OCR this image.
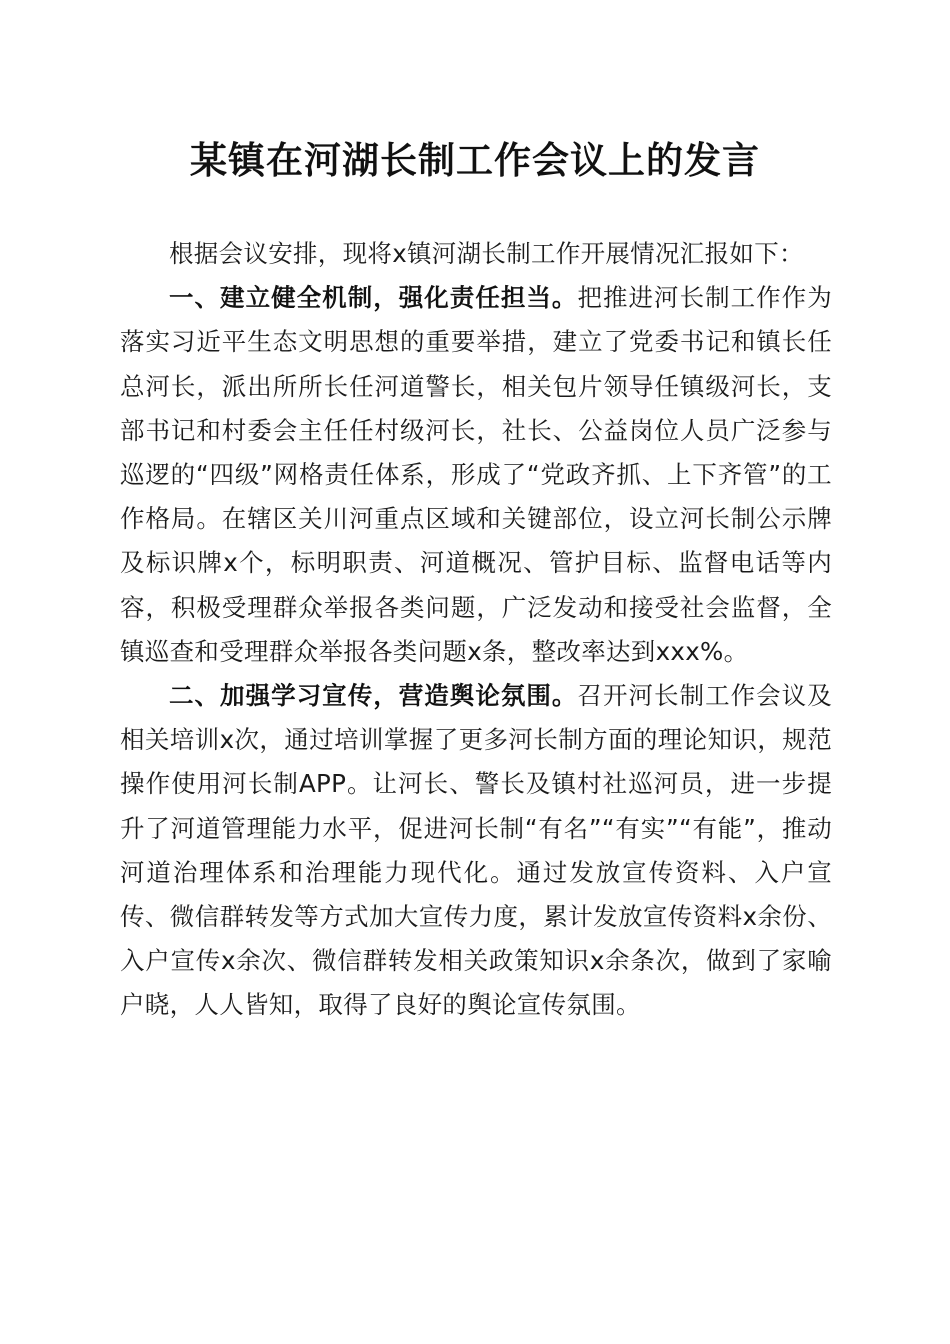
某镇在河湖长制工作会议上的发言

根据会议安排，现将x镇河湖长制工作开展情况汇报如下：

一、建立健全机制，强化责任担当。把推进河长制工作作为落实习近平生态文明思想的重要举措，建立了党委书记和镇长任总河长，派出所所长任河道警长，相关包片领导任镇级河长，支部书记和村委会主任任村级河长，社长、公益岗位人员广泛参与巡逻的“四级”网格责任体系，形成了“党政齐抓、上下齐管”的工作格局。在辖区关川河重点区域和关键部位，设立河长制公示牌及标识牌x个，标明职责、河道概况、管护目标、监督电话等内容，积极受理群众举报各类问题，广泛发动和接受社会监督，全镇巡查和受理群众举报各类问题x条，整改率达到xxx%。

二、加强学习宣传，营造舆论氛围。召开河长制工作会议及相关培训x次，通过培训掌握了更多河长制方面的理论知识，规范操作使用河长制APP。让河长、警长及镇村社巡河员，进一步提升了河道管理能力水平，促进河长制“有名”“有实”“有能”，推动河道治理体系和治理能力现代化。通过发放宣传资料、入户宣传、微信群转发等方式加大宣传力度，累计发放宣传资料x余份、入户宣传x余次、微信群转发相关政策知识x余条次，做到了家喻户晓，人人皆知，取得了良好的舆论宣传氛围。
